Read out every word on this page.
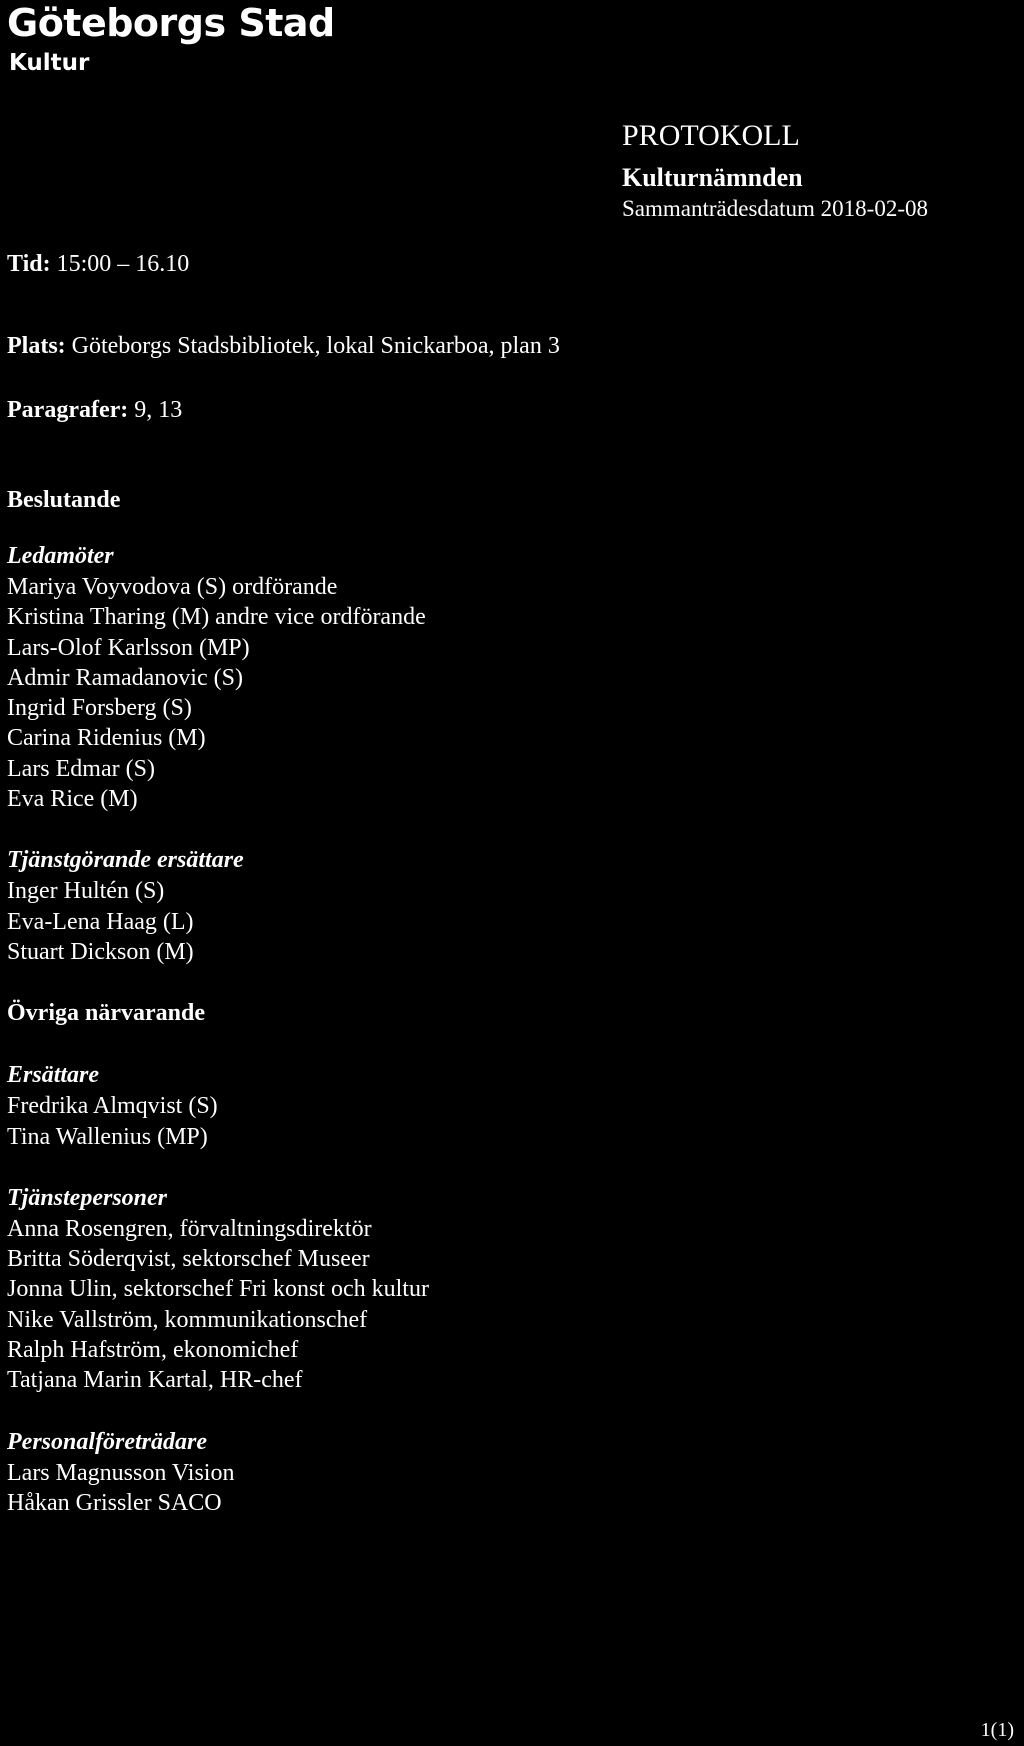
Göteborgs Stad
Kultur
PROTOKOLL
Kulturnämnden
Sammanträdesdatum 2018-02-08
Tid: 15:00 – 16.10
Plats: Göteborgs Stadsbibliotek, lokal Snickarboa, plan 3
Paragrafer: 9, 13
Beslutande
Ledamöter
Mariya Voyvodova (S) ordförande
Kristina Tharing (M) andre vice ordförande
Lars-Olof Karlsson (MP)
Admir Ramadanovic (S)
Ingrid Forsberg (S)
Carina Ridenius (M)
Lars Edmar (S)
Eva Rice (M)
Tjänstgörande ersättare
Inger Hultén (S)
Eva-Lena Haag (L)
Stuart Dickson (M)
Övriga närvarande
Ersättare
Fredrika Almqvist (S)
Tina Wallenius (MP)
Tjänstepersoner
Anna Rosengren, förvaltningsdirektör
Britta Söderqvist, sektorschef Museer
Jonna Ulin, sektorschef Fri konst och kultur
Nike Vallström, kommunikationschef
Ralph Hafström, ekonomichef
Tatjana Marin Kartal, HR-chef
Personalföreträdare
Lars Magnusson Vision
Håkan Grissler SACO
1(1)
